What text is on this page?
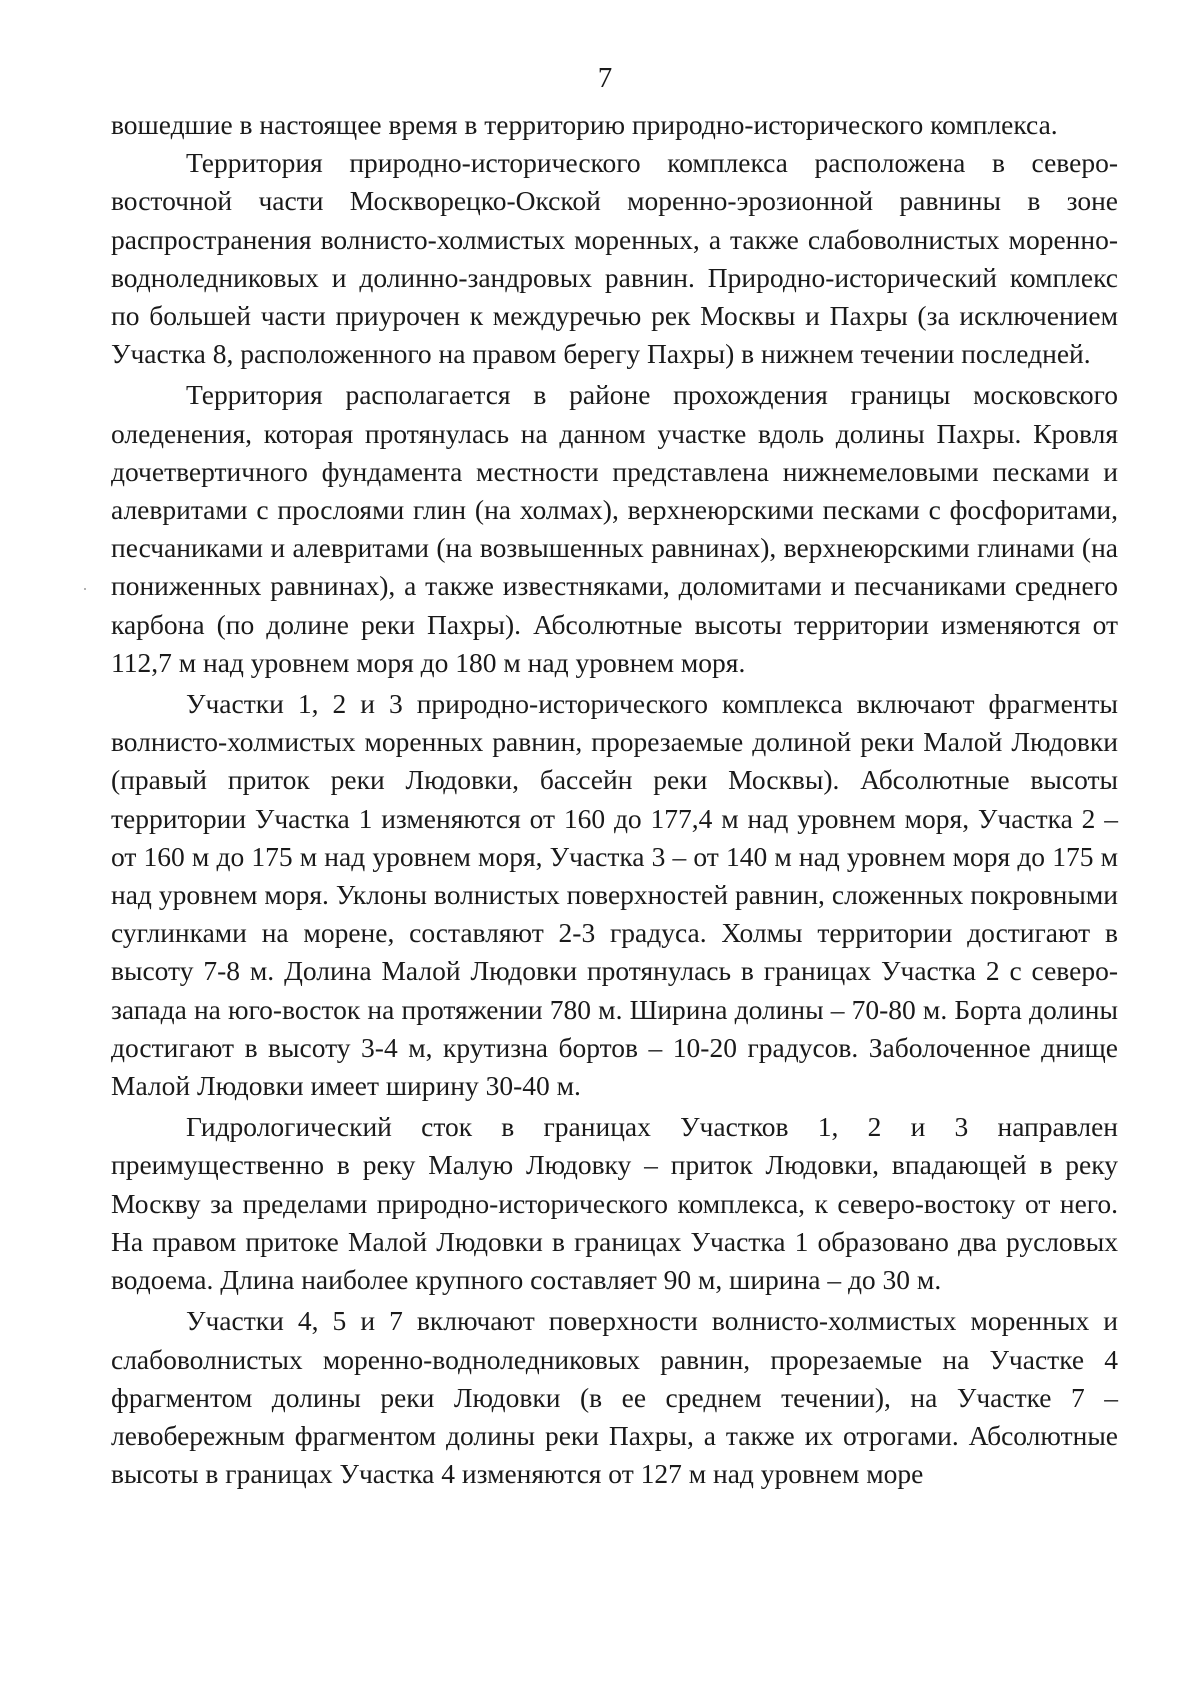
7

вошедшие в настоящее время в территорию природно-исторического комплекса.

Территория природно-исторического комплекса расположена в северо-восточной части Москворецко-Окской моренно-эрозионной равнины в зоне распространения волнисто-холмистых моренных, а также слабоволнистых моренно-водноледниковых и долинно-зандровых равнин. Природно-исторический комплекс по большей части приурочен к междуречью рек Москвы и Пахры (за исключением Участка 8, расположенного на правом берегу Пахры) в нижнем течении последней.

Территория располагается в районе прохождения границы московского оледенения, которая протянулась на данном участке вдоль долины Пахры. Кровля дочетвертичного фундамента местности представлена нижнемеловыми песками и алевритами с прослоями глин (на холмах), верхнеюрскими песками с фосфоритами, песчаниками и алевритами (на возвышенных равнинах), верхнеюрскими глинами (на пониженных равнинах), а также известняками, доломитами и песчаниками среднего карбона (по долине реки Пахры). Абсолютные высоты территории изменяются от 112,7 м над уровнем моря до 180 м над уровнем моря.

Участки 1, 2 и 3 природно-исторического комплекса включают фрагменты волнисто-холмистых моренных равнин, прорезаемые долиной реки Малой Людовки (правый приток реки Людовки, бассейн реки Москвы). Абсолютные высоты территории Участка 1 изменяются от 160 до 177,4 м над уровнем моря, Участка 2 – от 160 м до 175 м над уровнем моря, Участка 3 – от 140 м над уровнем моря до 175 м над уровнем моря. Уклоны волнистых поверхностей равнин, сложенных покровными суглинками на морене, составляют 2-3 градуса. Холмы территории достигают в высоту 7-8 м. Долина Малой Людовки протянулась в границах Участка 2 с северо-запада на юго-восток на протяжении 780 м. Ширина долины – 70-80 м. Борта долины достигают в высоту 3-4 м, крутизна бортов – 10-20 градусов. Заболоченное днище Малой Людовки имеет ширину 30-40 м.

Гидрологический сток в границах Участков 1, 2 и 3 направлен преимущественно в реку Малую Людовку – приток Людовки, впадающей в реку Москву за пределами природно-исторического комплекса, к северо-востоку от него. На правом притоке Малой Людовки в границах Участка 1 образовано два русловых водоема. Длина наиболее крупного составляет 90 м, ширина – до 30 м.

Участки 4, 5 и 7 включают поверхности волнисто-холмистых моренных и слабоволнистых моренно-водноледниковых равнин, прорезаемые на Участке 4 фрагментом долины реки Людовки (в ее среднем течении), на Участке 7 – левобережным фрагментом долины реки Пахры, а также их отрогами. Абсолютные высоты в границах Участка 4 изменяются от 127 м над уровнем море
